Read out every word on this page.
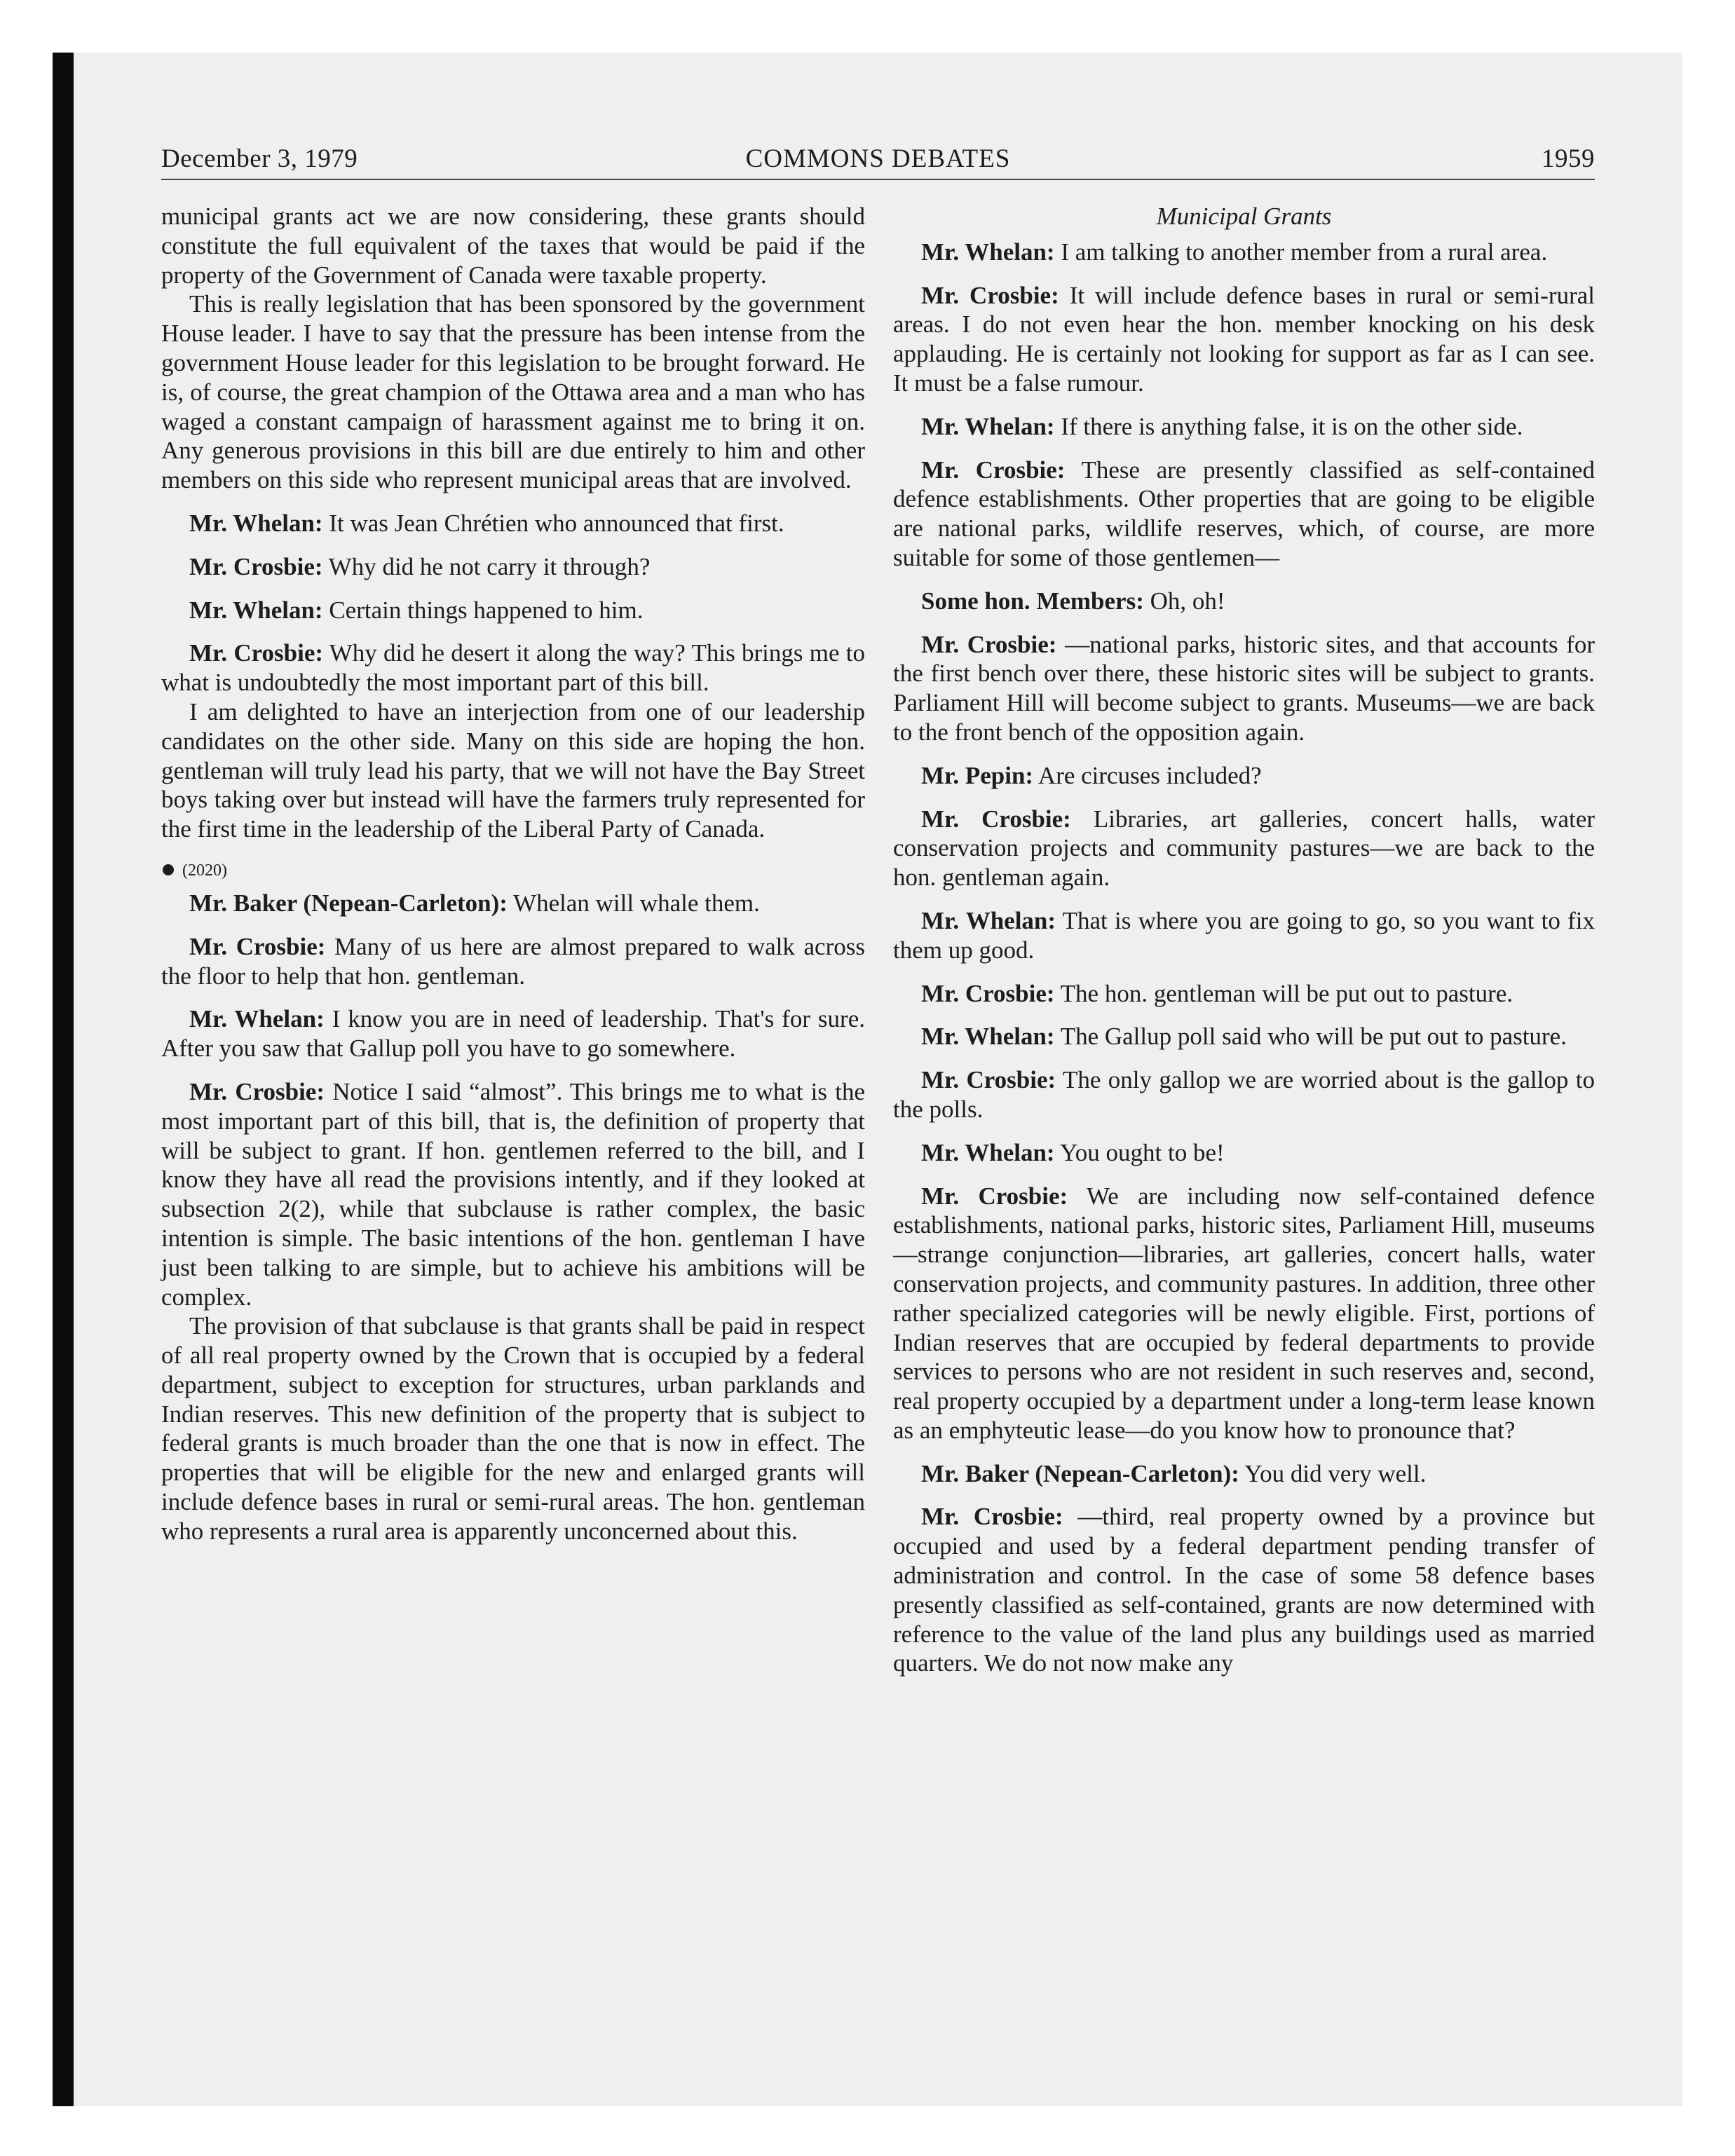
December 3, 1979	COMMONS DEBATES	1959

municipal grants act we are now considering, these grants should constitute the full equivalent of the taxes that would be paid if the property of the Government of Canada were taxable property.

This is really legislation that has been sponsored by the government House leader. I have to say that the pressure has been intense from the government House leader for this legislation to be brought forward. He is, of course, the great champion of the Ottawa area and a man who has waged a constant campaign of harassment against me to bring it on. Any generous provisions in this bill are due entirely to him and other members on this side who represent municipal areas that are involved.

Mr. Whelan: It was Jean Chrétien who announced that first.

Mr. Crosbie: Why did he not carry it through?

Mr. Whelan: Certain things happened to him.

Mr. Crosbie: Why did he desert it along the way? This brings me to what is undoubtedly the most important part of this bill.

I am delighted to have an interjection from one of our leadership candidates on the other side. Many on this side are hoping the hon. gentleman will truly lead his party, that we will not have the Bay Street boys taking over but instead will have the farmers truly represented for the first time in the leadership of the Liberal Party of Canada.

(2020)

Mr. Baker (Nepean-Carleton): Whelan will whale them.

Mr. Crosbie: Many of us here are almost prepared to walk across the floor to help that hon. gentleman.

Mr. Whelan: I know you are in need of leadership. That's for sure. After you saw that Gallup poll you have to go somewhere.

Mr. Crosbie: Notice I said “almost”. This brings me to what is the most important part of this bill, that is, the definition of property that will be subject to grant. If hon. gentlemen referred to the bill, and I know they have all read the provisions intently, and if they looked at subsection 2(2), while that subclause is rather complex, the basic intention is simple. The basic intentions of the hon. gentleman I have just been talking to are simple, but to achieve his ambitions will be complex.

The provision of that subclause is that grants shall be paid in respect of all real property owned by the Crown that is occupied by a federal department, subject to exception for structures, urban parklands and Indian reserves. This new definition of the property that is subject to federal grants is much broader than the one that is now in effect. The properties that will be eligible for the new and enlarged grants will include defence bases in rural or semi-rural areas. The hon. gentleman who represents a rural area is apparently unconcerned about this.

Municipal Grants

Mr. Whelan: I am talking to another member from a rural area.

Mr. Crosbie: It will include defence bases in rural or semi-rural areas. I do not even hear the hon. member knocking on his desk applauding. He is certainly not looking for support as far as I can see. It must be a false rumour.

Mr. Whelan: If there is anything false, it is on the other side.

Mr. Crosbie: These are presently classified as self-contained defence establishments. Other properties that are going to be eligible are national parks, wildlife reserves, which, of course, are more suitable for some of those gentlemen—

Some hon. Members: Oh, oh!

Mr. Crosbie: —national parks, historic sites, and that accounts for the first bench over there, these historic sites will be subject to grants. Parliament Hill will become subject to grants. Museums—we are back to the front bench of the opposition again.

Mr. Pepin: Are circuses included?

Mr. Crosbie: Libraries, art galleries, concert halls, water conservation projects and community pastures—we are back to the hon. gentleman again.

Mr. Whelan: That is where you are going to go, so you want to fix them up good.

Mr. Crosbie: The hon. gentleman will be put out to pasture.

Mr. Whelan: The Gallup poll said who will be put out to pasture.

Mr. Crosbie: The only gallop we are worried about is the gallop to the polls.

Mr. Whelan: You ought to be!

Mr. Crosbie: We are including now self-contained defence establishments, national parks, historic sites, Parliament Hill, museums—strange conjunction—libraries, art galleries, concert halls, water conservation projects, and community pastures. In addition, three other rather specialized categories will be newly eligible. First, portions of Indian reserves that are occupied by federal departments to provide services to persons who are not resident in such reserves and, second, real property occupied by a department under a long-term lease known as an emphyteutic lease—do you know how to pronounce that?

Mr. Baker (Nepean-Carleton): You did very well.

Mr. Crosbie: —third, real property owned by a province but occupied and used by a federal department pending transfer of administration and control. In the case of some 58 defence bases presently classified as self-contained, grants are now determined with reference to the value of the land plus any buildings used as married quarters. We do not now make any
